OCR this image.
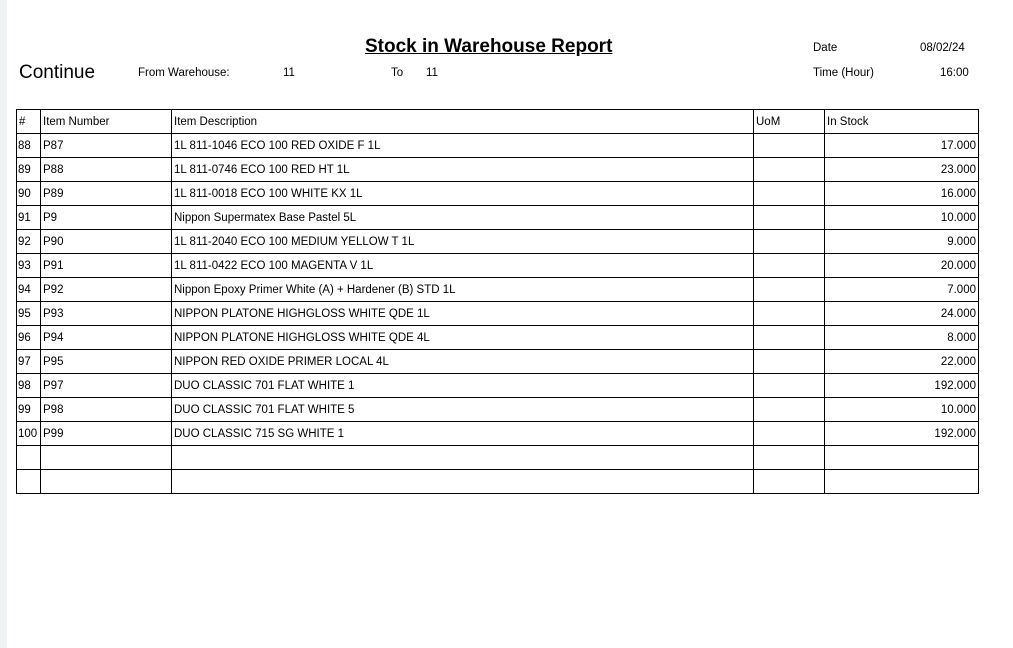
Stock in Warehouse Report
Continue	From Warehouse:	11	To 11
Date	08/02/24
Time (Hour)	16:00
#	Item Number	Item Description	UoM	In Stock
88	P87	1L 811-1046 ECO 100 RED OXIDE F 1L		17.000
89	P88	1L 811-0746 ECO 100 RED HT 1L		23.000
90	P89	1L 811-0018 ECO 100 WHITE KX 1L		16.000
91	P9	Nippon Supermatex Base Pastel 5L		10.000
92	P90	1L 811-2040 ECO 100 MEDIUM YELLOW T 1L		9.000
93	P91	1L 811-0422 ECO 100 MAGENTA V 1L		20.000
94	P92	Nippon Epoxy Primer White (A) + Hardener (B) STD 1L		7.000
95	P93	NIPPON PLATONE HIGHGLOSS WHITE QDE 1L		24.000
96	P94	NIPPON PLATONE HIGHGLOSS WHITE QDE 4L		8.000
97	P95	NIPPON RED OXIDE PRIMER LOCAL 4L		22.000
98	P97	DUO CLASSIC 701 FLAT WHITE 1		192.000
99	P98	DUO CLASSIC 701 FLAT WHITE 5		10.000
100	P99	DUO CLASSIC 715 SG WHITE 1		192.000
